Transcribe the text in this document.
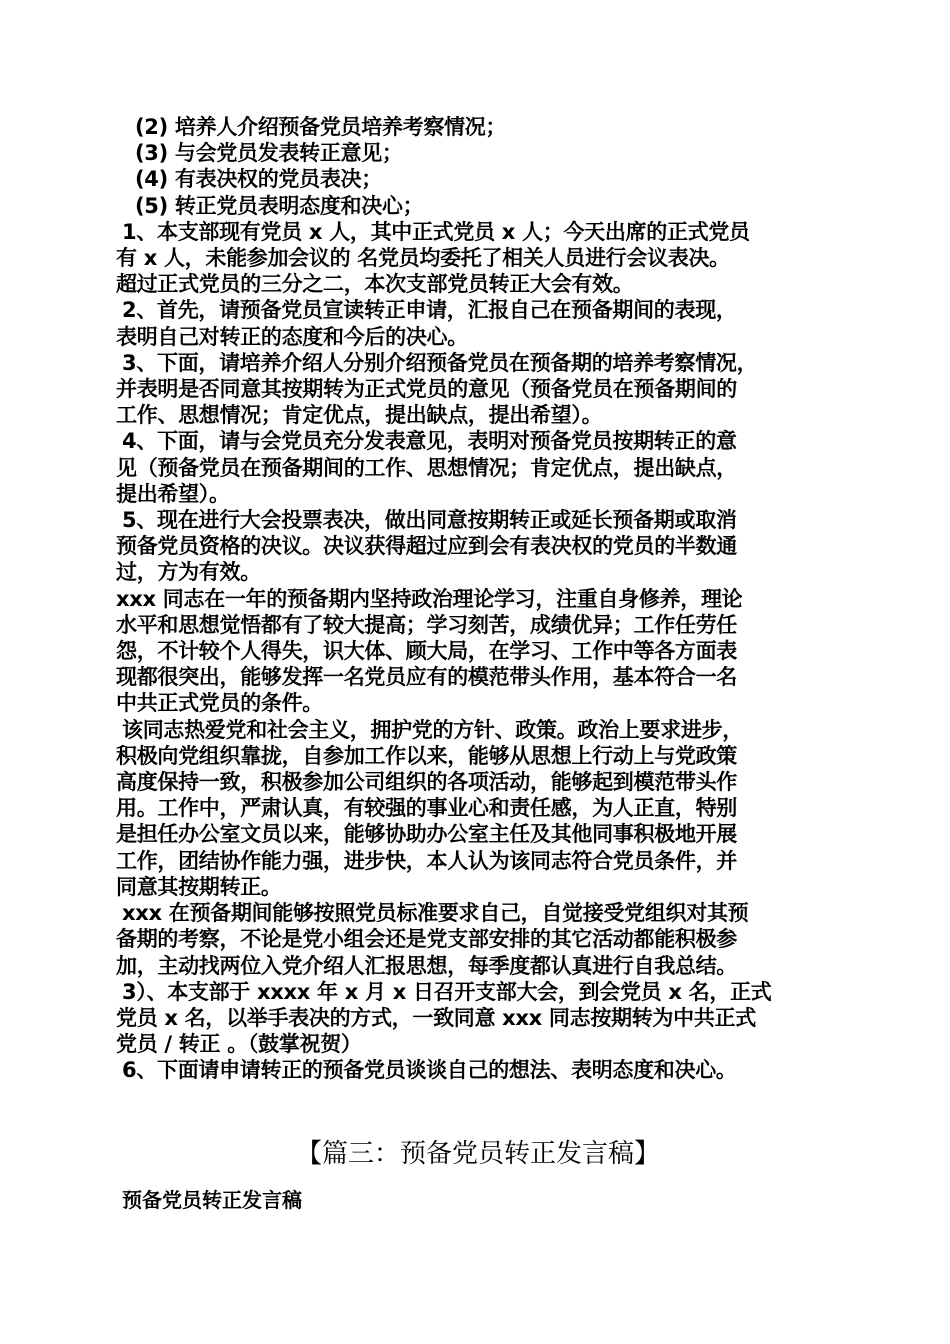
(2) 培养人介绍预备党员培养考察情况；
(3) 与会党员发表转正意见；
(4) 有表决权的党员表决；
(5) 转正党员表明态度和决心；
1、本支部现有党员 x 人，其中正式党员 x 人；今天出席的正式党员
有 x 人，未能参加会议的 名党员均委托了相关人员进行会议表决。
超过正式党员的三分之二，本次支部党员转正大会有效。
2、首先，请预备党员宣读转正申请，汇报自己在预备期间的表现，
表明自己对转正的态度和今后的决心。
3、下面，请培养介绍人分别介绍预备党员在预备期的培养考察情况，
并表明是否同意其按期转为正式党员的意见（预备党员在预备期间的
工作、思想情况；肯定优点，提出缺点，提出希望）。
4、下面，请与会党员充分发表意见，表明对预备党员按期转正的意
见（预备党员在预备期间的工作、思想情况；肯定优点，提出缺点，
提出希望）。
5、现在进行大会投票表决，做出同意按期转正或延长预备期或取消
预备党员资格的决议。决议获得超过应到会有表决权的党员的半数通
过，方为有效。
xxx 同志在一年的预备期内坚持政治理论学习，注重自身修养，理论
水平和思想觉悟都有了较大提高；学习刻苦，成绩优异；工作任劳任
怨，不计较个人得失，识大体、顾大局，在学习、工作中等各方面表
现都很突出，能够发挥一名党员应有的模范带头作用，基本符合一名
中共正式党员的条件。
该同志热爱党和社会主义，拥护党的方针、政策。政治上要求进步，
积极向党组织靠拢，自参加工作以来，能够从思想上行动上与党政策
高度保持一致，积极参加公司组织的各项活动，能够起到模范带头作
用。工作中，严肃认真，有较强的事业心和责任感，为人正直，特别
是担任办公室文员以来，能够协助办公室主任及其他同事积极地开展
工作，团结协作能力强，进步快，本人认为该同志符合党员条件，并
同意其按期转正。
xxx 在预备期间能够按照党员标准要求自己，自觉接受党组织对其预
备期的考察，不论是党小组会还是党支部安排的其它活动都能积极参
加，主动找两位入党介绍人汇报思想，每季度都认真进行自我总结。
3）、本支部于 xxxx 年 x 月 x 日召开支部大会，到会党员 x 名，正式
党员 x 名，以举手表决的方式，一致同意 xxx 同志按期转为中共正式
党员 / 转正 。（鼓掌祝贺）
6、下面请申请转正的预备党员谈谈自己的想法、表明态度和决心。
【篇三：预备党员转正发言稿】
预备党员转正发言稿
